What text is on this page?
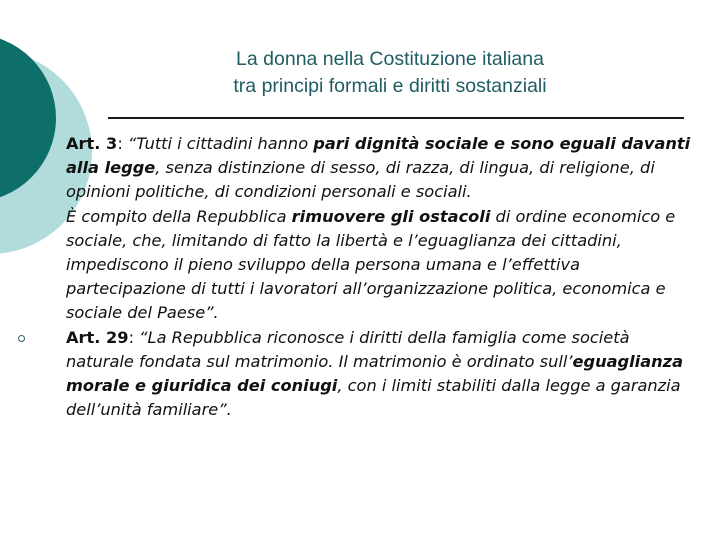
La donna nella Costituzione italiana
tra principi formali e diritti sostanziali
Art. 3: “Tutti i cittadini hanno pari dignità sociale e sono eguali davanti alla legge, senza distinzione di sesso, di razza, di lingua, di religione, di opinioni politiche, di condizioni personali e sociali.
È compito della Repubblica rimuovere gli ostacoli di ordine economico e sociale, che, limitando di fatto la libertà e l’eguaglianza dei cittadini, impediscono il pieno sviluppo della persona umana e l’effettiva partecipazione di tutti i lavoratori all’organizzazione politica, economica e sociale del Paese”.
Art. 29: “La Repubblica riconosce i diritti della famiglia come società naturale fondata sul matrimonio. Il matrimonio è ordinato sull’eguaglianza morale e giuridica dei coniugi, con i limiti stabiliti dalla legge a garanzia dell’unità familiare”.
